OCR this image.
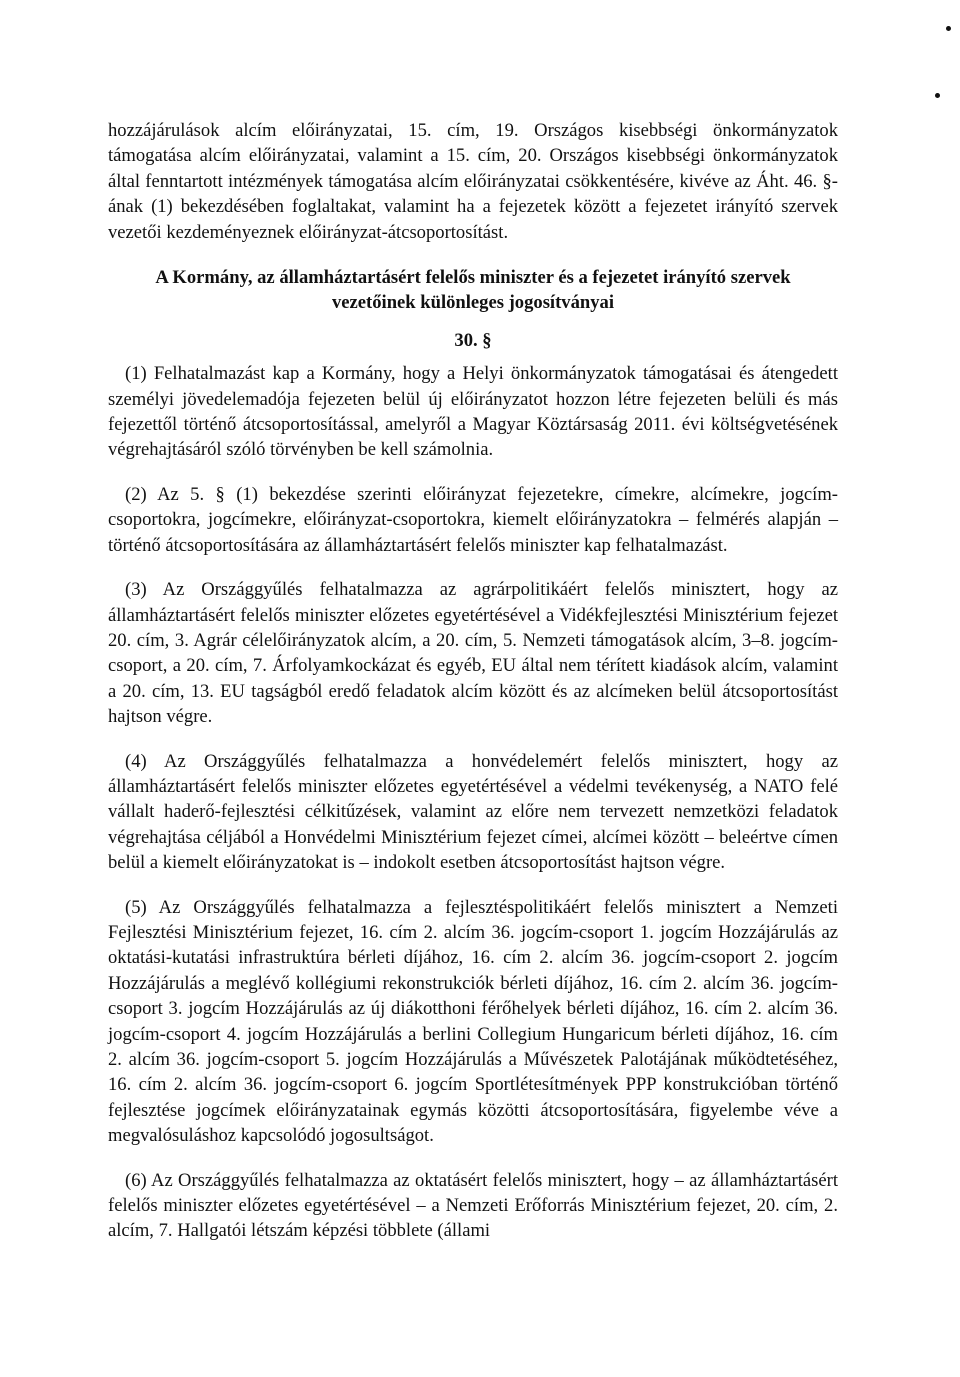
hozzájárulások alcím előirányzatai, 15. cím, 19. Országos kisebbségi önkormányzatok támogatása alcím előirányzatai, valamint a 15. cím, 20. Országos kisebbségi önkormányzatok által fenntartott intézmények támogatása alcím előirányzatai csökkentésére, kivéve az Áht. 46. §-ának (1) bekezdésében foglaltakat, valamint ha a fejezetek között a fejezetet irányító szervek vezetői kezdeményeznek előirányzat-átcsoportosítást.

A Kormány, az államháztartásért felelős miniszter és a fejezetet irányító szervek vezetőinek különleges jogosítványai

30. §

(1) Felhatalmazást kap a Kormány, hogy a Helyi önkormányzatok támogatásai és átengedett személyi jövedelemadója fejezeten belül új előirányzatot hozzon létre fejezeten belüli és más fejezettől történő átcsoportosítással, amelyről a Magyar Köztársaság 2011. évi költségvetésének végrehajtásáról szóló törvényben be kell számolnia.

(2) Az 5. § (1) bekezdése szerinti előirányzat fejezetekre, címekre, alcímekre, jogcím-csoportokra, jogcímekre, előirányzat-csoportokra, kiemelt előirányzatokra – felmérés alapján – történő átcsoportosítására az államháztartásért felelős miniszter kap felhatalmazást.

(3) Az Országgyűlés felhatalmazza az agrárpolitikáért felelős minisztert, hogy az államháztartásért felelős miniszter előzetes egyetértésével a Vidékfejlesztési Minisztérium fejezet 20. cím, 3. Agrár célelőirányzatok alcím, a 20. cím, 5. Nemzeti támogatások alcím, 3–8. jogcím-csoport, a 20. cím, 7. Árfolyamkockázat és egyéb, EU által nem térített kiadások alcím, valamint a 20. cím, 13. EU tagságból eredő feladatok alcím között és az alcímeken belül átcsoportosítást hajtson végre.

(4) Az Országgyűlés felhatalmazza a honvédelemért felelős minisztert, hogy az államháztartásért felelős miniszter előzetes egyetértésével a védelmi tevékenység, a NATO felé vállalt haderő-fejlesztési célkitűzések, valamint az előre nem tervezett nemzetközi feladatok végrehajtása céljából a Honvédelmi Minisztérium fejezet címei, alcímei között – beleértve címen belül a kiemelt előirányzatokat is – indokolt esetben átcsoportosítást hajtson végre.

(5) Az Országgyűlés felhatalmazza a fejlesztéspolitikáért felelős minisztert a Nemzeti Fejlesztési Minisztérium fejezet, 16. cím 2. alcím 36. jogcím-csoport 1. jogcím Hozzájárulás az oktatási-kutatási infrastruktúra bérleti díjához, 16. cím 2. alcím 36. jogcím-csoport 2. jogcím Hozzájárulás a meglévő kollégiumi rekonstrukciók bérleti díjához, 16. cím 2. alcím 36. jogcím-csoport 3. jogcím Hozzájárulás az új diákotthoni férőhelyek bérleti díjához, 16. cím 2. alcím 36. jogcím-csoport 4. jogcím Hozzájárulás a berlini Collegium Hungaricum bérleti díjához, 16. cím 2. alcím 36. jogcím-csoport 5. jogcím Hozzájárulás a Művészetek Palotájának működtetéséhez, 16. cím 2. alcím 36. jogcím-csoport 6. jogcím Sportlétesítmények PPP konstrukcióban történő fejlesztése jogcímek előirányzatainak egymás közötti átcsoportosítására, figyelembe véve a megvalósuláshoz kapcsolódó jogosultságot.

(6) Az Országgyűlés felhatalmazza az oktatásért felelős minisztert, hogy – az államháztartásért felelős miniszter előzetes egyetértésével – a Nemzeti Erőforrás Minisztérium fejezet, 20. cím, 2. alcím, 7. Hallgatói létszám képzési többlete (állami
